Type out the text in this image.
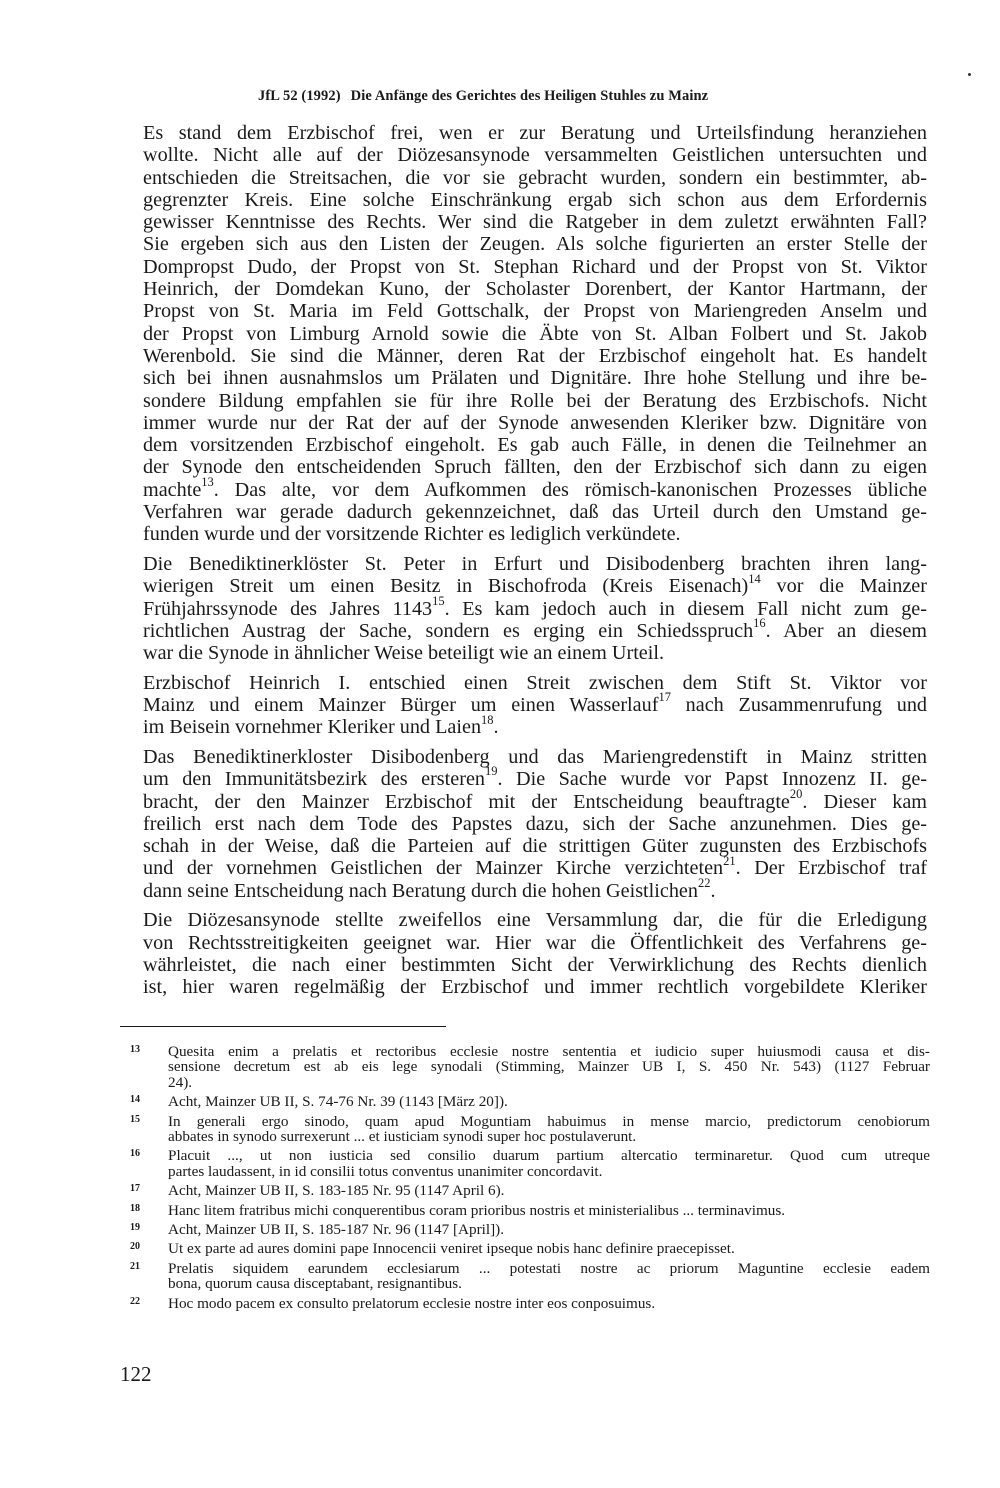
JfL 52 (1992) Die Anfänge des Gerichtes des Heiligen Stuhles zu Mainz
Es stand dem Erzbischof frei, wen er zur Beratung und Urteilsfindung heranziehen
wollte. Nicht alle auf der Diözesansynode versammelten Geistlichen untersuchten und
entschieden die Streitsachen, die vor sie gebracht wurden, sondern ein bestimmter, ab-
gegrenzter Kreis. Eine solche Einschränkung ergab sich schon aus dem Erfordernis
gewisser Kenntnisse des Rechts. Wer sind die Ratgeber in dem zuletzt erwähnten Fall?
Sie ergeben sich aus den Listen der Zeugen. Als solche figurierten an erster Stelle der
Dompropst Dudo, der Propst von St. Stephan Richard und der Propst von St. Viktor
Heinrich, der Domdekan Kuno, der Scholaster Dorenbert, der Kantor Hartmann, der
Propst von St. Maria im Feld Gottschalk, der Propst von Mariengreden Anselm und
der Propst von Limburg Arnold sowie die Äbte von St. Alban Folbert und St. Jakob
Werenbold. Sie sind die Männer, deren Rat der Erzbischof eingeholt hat. Es handelt
sich bei ihnen ausnahmslos um Prälaten und Dignitäre. Ihre hohe Stellung und ihre be-
sondere Bildung empfahlen sie für ihre Rolle bei der Beratung des Erzbischofs. Nicht
immer wurde nur der Rat der auf der Synode anwesenden Kleriker bzw. Dignitäre von
dem vorsitzenden Erzbischof eingeholt. Es gab auch Fälle, in denen die Teilnehmer an
der Synode den entscheidenden Spruch fällten, den der Erzbischof sich dann zu eigen
machte$^{13}$. Das alte, vor dem Aufkommen des römisch-kanonischen Prozesses übliche
Verfahren war gerade dadurch gekennzeichnet, daß das Urteil durch den Umstand ge-
funden wurde und der vorsitzende Richter es lediglich verkündete.
Die Benediktinerklöster St. Peter in Erfurt und Disibodenberg brachten ihren lang-
wierigen Streit um einen Besitz in Bischofroda (Kreis Eisenach)$^{14}$ vor die Mainzer
Frühjahrssynode des Jahres 1143$^{15}$. Es kam jedoch auch in diesem Fall nicht zum ge-
richtlichen Austrag der Sache, sondern es erging ein Schiedsspruch$^{16}$. Aber an diesem
war die Synode in ähnlicher Weise beteiligt wie an einem Urteil.
Erzbischof Heinrich I. entschied einen Streit zwischen dem Stift St. Viktor vor
Mainz und einem Mainzer Bürger um einen Wasserlauf$^{17}$ nach Zusammenrufung und
im Beisein vornehmer Kleriker und Laien$^{18}$.
Das Benediktinerkloster Disibodenberg und das Mariengredenstift in Mainz stritten
um den Immunitätsbezirk des ersteren$^{19}$. Die Sache wurde vor Papst Innozenz II. ge-
bracht, der den Mainzer Erzbischof mit der Entscheidung beauftragte$^{20}$. Dieser kam
freilich erst nach dem Tode des Papstes dazu, sich der Sache anzunehmen. Dies ge-
schah in der Weise, daß die Parteien auf die strittigen Güter zugunsten des Erzbischofs
und der vornehmen Geistlichen der Mainzer Kirche verzichteten$^{21}$. Der Erzbischof traf
dann seine Entscheidung nach Beratung durch die hohen Geistlichen$^{22}$.
Die Diözesansynode stellte zweifellos eine Versammlung dar, die für die Erledigung
von Rechtsstreitigkeiten geeignet war. Hier war die Öffentlichkeit des Verfahrens ge-
währleistet, die nach einer bestimmten Sicht der Verwirklichung des Rechts dienlich
ist, hier waren regelmäßig der Erzbischof und immer rechtlich vorgebildete Kleriker
13	Quesita enim a prelatis et rectoribus ecclesie nostre sententia et iudicio super huiusmodi causa et dis-
sensione decretum est ab eis lege synodali (Stimming, Mainzer UB I, S. 450 Nr. 543) (1127 Februar
24).
14	Acht, Mainzer UB II, S. 74-76 Nr. 39 (1143 [März 20]).
15	In generali ergo sinodo, quam apud Moguntiam habuimus in mense marcio, predictorum cenobiorum
abbates in synodo surrexerunt ... et iusticiam synodi super hoc postulaverunt.
16	Placuit ..., ut non iusticia sed consilio duarum partium altercatio terminaretur. Quod cum utreque
partes laudassent, in id consilii totus conventus unanimiter concordavit.
17	Acht, Mainzer UB II, S. 183-185 Nr. 95 (1147 April 6).
18	Hanc litem fratribus michi conquerentibus coram prioribus nostris et ministerialibus ... terminavimus.
19	Acht, Mainzer UB II, S. 185-187 Nr. 96 (1147 [April]).
20	Ut ex parte ad aures domini pape Innocencii veniret ipseque nobis hanc definire praecepisset.
21	Prelatis siquidem earundem ecclesiarum ... potestati nostre ac priorum Maguntine ecclesie eadem
bona, quorum causa disceptabant, resignantibus.
22	Hoc modo pacem ex consulto prelatorum ecclesie nostre inter eos conposuimus.
122
